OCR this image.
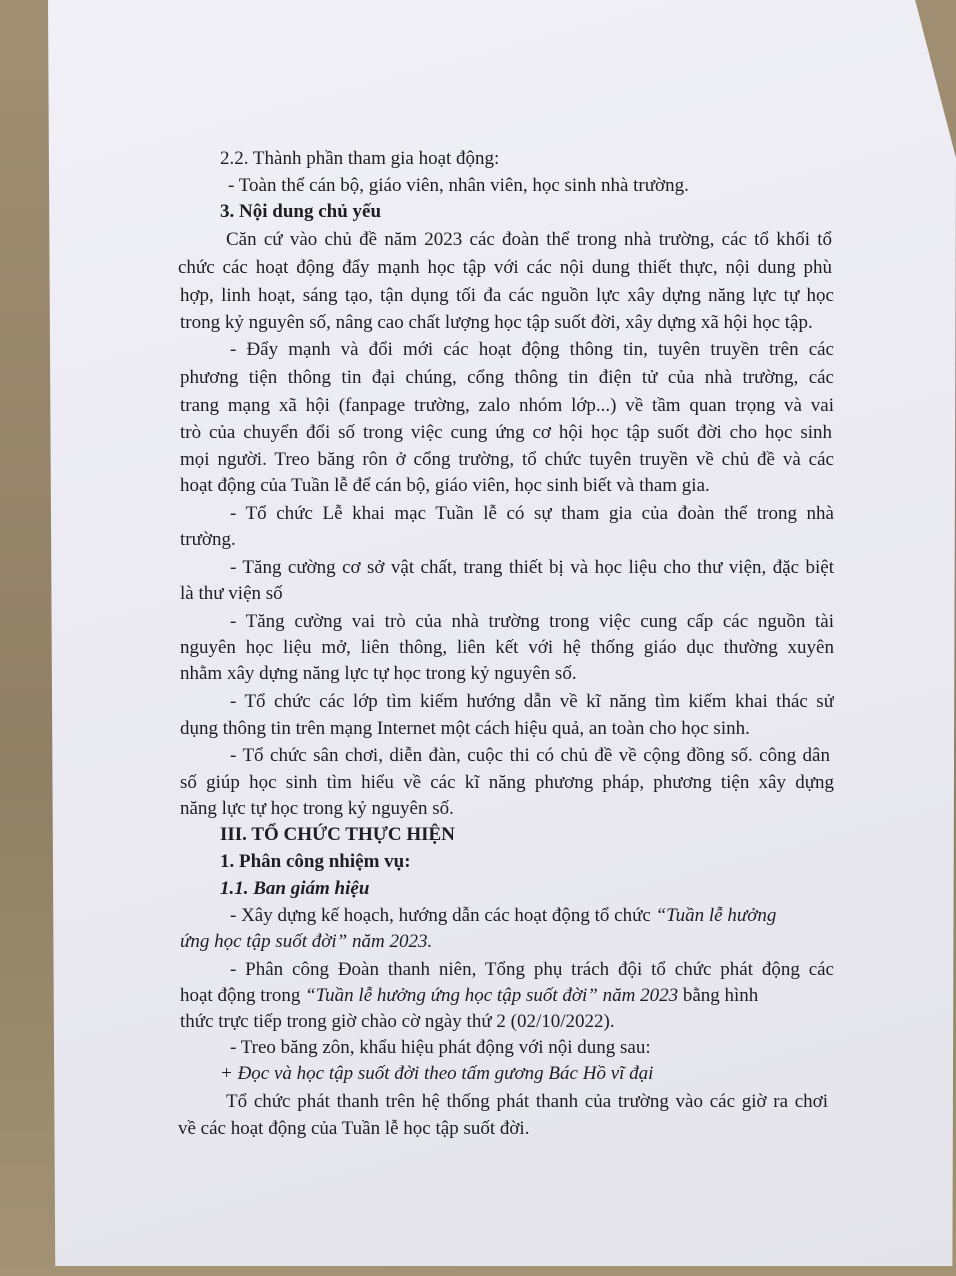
2.2. Thành phần tham gia hoạt động:
- Toàn thể cán bộ, giáo viên, nhân viên, học sinh nhà trường.
3. Nội dung chủ yếu
Căn cứ vào chủ đề năm 2023 các đoàn thể trong nhà trường, các tổ khối tổ
chức các hoạt động đẩy mạnh học tập với các nội dung thiết thực, nội dung phù
hợp, linh hoạt, sáng tạo, tận dụng tối đa các nguồn lực xây dựng năng lực tự học
trong kỷ nguyên số, nâng cao chất lượng học tập suốt đời, xây dựng xã hội học tập.
- Đẩy mạnh và đổi mới các hoạt động thông tin, tuyên truyền trên các
phương tiện thông tin đại chúng, cổng thông tin điện tử của nhà trường, các
trang mạng xã hội (fanpage trường, zalo nhóm lớp...) về tầm quan trọng và vai
trò của chuyển đổi số trong việc cung ứng cơ hội học tập suốt đời cho học sinh
mọi người. Treo băng rôn ở cổng trường, tổ chức tuyên truyền về chủ đề và các
hoạt động của Tuần lễ để cán bộ, giáo viên, học sinh biết và tham gia.
- Tổ chức Lễ khai mạc Tuần lễ có sự tham gia của đoàn thể trong nhà
trường.
- Tăng cường cơ sở vật chất, trang thiết bị và học liệu cho thư viện, đặc biệt
là thư viện số
- Tăng cường vai trò của nhà trường trong việc cung cấp các nguồn tài
nguyên học liệu mở, liên thông, liên kết với hệ thống giáo dục thường xuyên
nhằm xây dựng năng lực tự học trong kỷ nguyên số.
- Tổ chức các lớp tìm kiếm hướng dẫn về kĩ năng tìm kiếm khai thác sử
dụng thông tin trên mạng Internet một cách hiệu quả, an toàn cho học sinh.
- Tổ chức sân chơi, diễn đàn, cuộc thi có chủ đề về cộng đồng số. công dân
số giúp học sinh tìm hiểu về các kĩ năng phương pháp, phương tiện xây dựng
năng lực tự học trong kỷ nguyên số.
III. TỔ CHỨC THỰC HIỆN
1. Phân công nhiệm vụ:
1.1. Ban giám hiệu
- Xây dựng kế hoạch, hướng dẫn các hoạt động tổ chức “Tuần lễ hưởng
ứng học tập suốt đời” năm 2023.
- Phân công Đoàn thanh niên, Tổng phụ trách đội tổ chức phát động các
hoạt động trong “Tuần lễ hưởng ứng học tập suốt đời” năm 2023 bằng hình
thức trực tiếp trong giờ chào cờ ngày thứ 2 (02/10/2022).
- Treo băng zôn, khẩu hiệu phát động với nội dung sau:
+ Đọc và học tập suốt đời theo tấm gương Bác Hồ vĩ đại
Tổ chức phát thanh trên hệ thống phát thanh của trường vào các giờ ra chơi
về các hoạt động của Tuần lễ học tập suốt đời.
